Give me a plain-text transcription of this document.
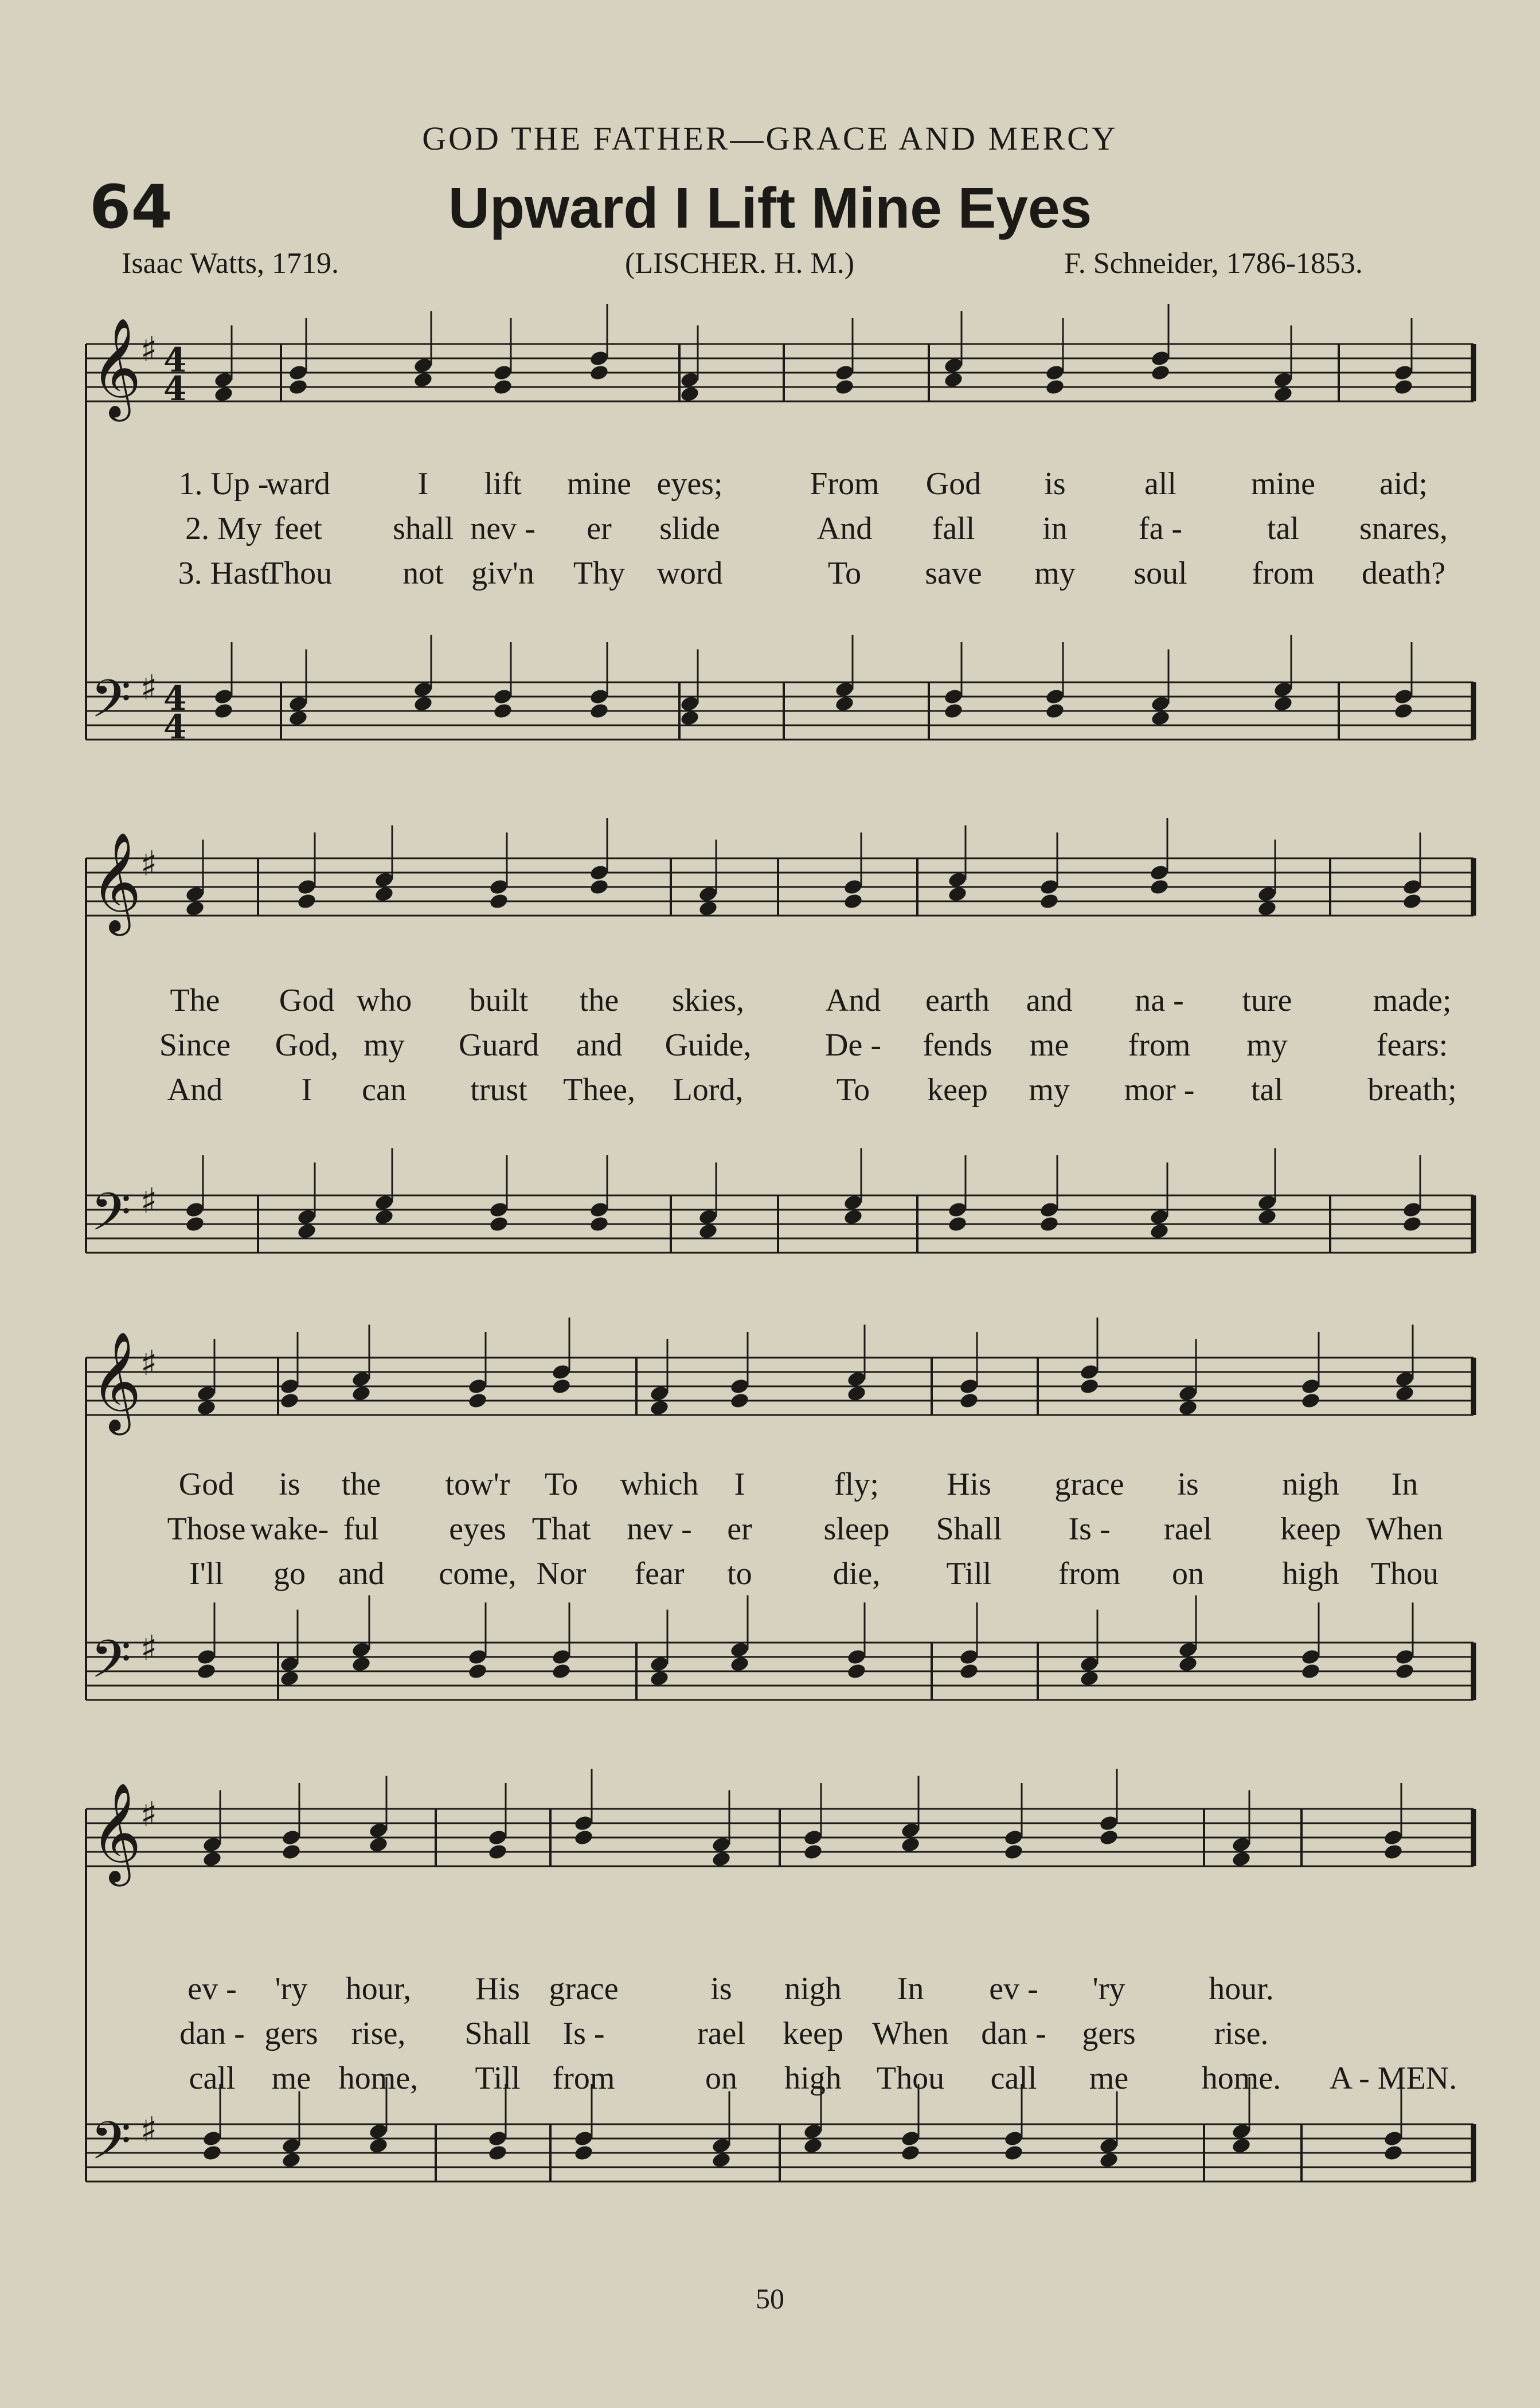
GOD THE FATHER—GRACE AND MERCY
64	Upward I Lift Mine Eyes
Isaac Watts, 1719.	(LISCHER. H. M.)	F. Schneider, 1786-1853.
𝄞
♯ 4
4
𝄢 ♯ 4
4
𝄞
♯
𝄢 ♯
𝄞
♯
𝄢 ♯
𝄞
♯
𝄢 ♯
1. Up -
ward	I lift mine eyes;	From God is all mine aid;
2. My feet shall nev - er slide	And fall in fa -	tal snares,
3. Hast
Thou not giv'n Thy word	To save my soul from death?
The God who built the skies,	And earth and na - ture	made;
Since God, my Guard and Guide, De - fends me from my	fears:
And I can trust Thee, Lord,	To keep my mor - tal	breath;
God is the tow'r To which I	fly; His grace is	nigh In
Those wake- ful eyes That nev - er sleep Shall Is - rael keep When
I'll go and come, Nor fear to	die, Till from on high Thou
ev - 'ry hour, His grace	is nigh In ev - 'ry	hour.
dan - gers rise, Shall Is -	rael keep When dan - gers rise.
call me home, Till from	on high Thou call me home. A - MEN.
50
